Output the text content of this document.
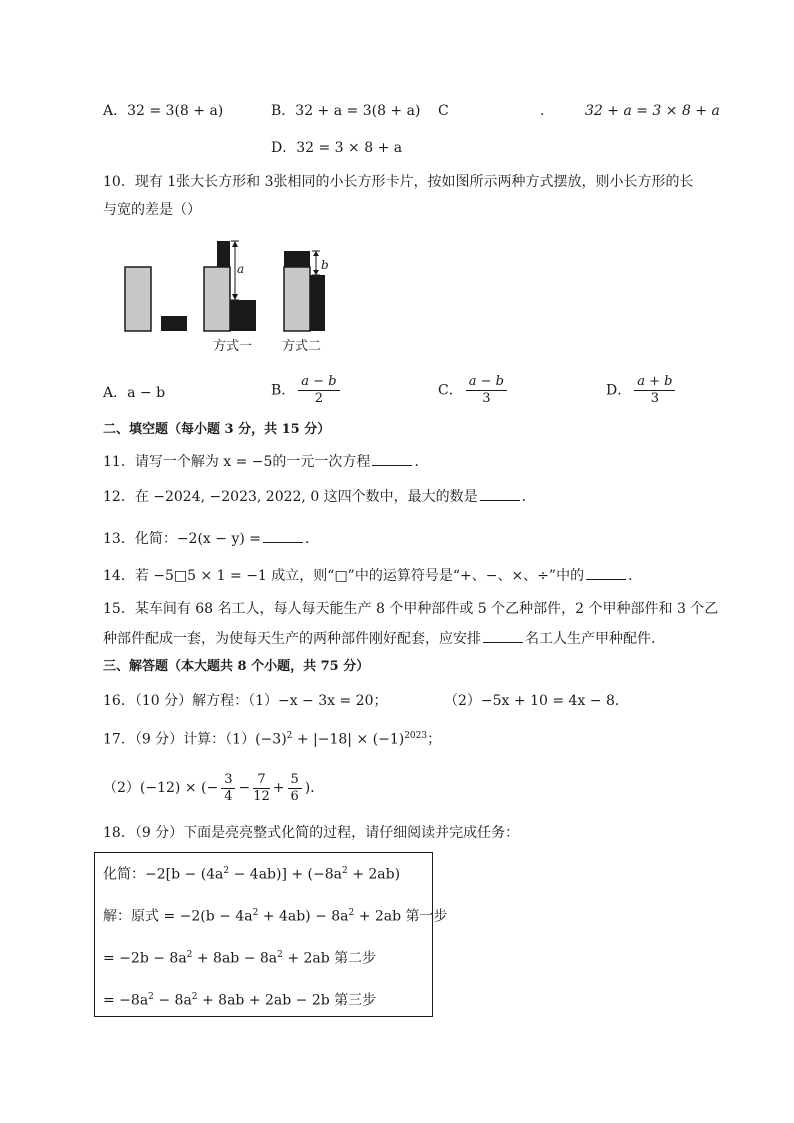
A．32 = 3(8 + a)	B．32 + a = 3(8 + a) C	.	32 + a = 3 × 8 + a
D．32 = 3 × 8 + a
10．现有 1张大长方形和 3张相同的小长方形卡片，按如图所示两种方式摆放，则小长方形的长
与宽的差是（）
a	b
方式一 方式二
A．a − b	B． $\frac{a - b}{2}$	C． $\frac{a - b}{3}$	D． $\frac{a + b}{3}$
二、填空题（每小题 3 分，共 15 分）
11．请写一个解为 x = −5的一元一次方程	．
12．在 −2024, −2023, 2022, 0 这四个数中，最大的数是	．
13．化简：−2(x − y) =	．
14．若 −5□5 × 1 = −1 成立，则“□”中的运算符号是“+、−、×、÷”中的	．
15．某车间有 68 名工人，每人每天能生产 8 个甲种部件或 5 个乙种部件，2 个甲种部件和 3 个乙
种部件配成一套，为使每天生产的两种部件刚好配套，应安排	名工人生产甲种配件．
三、解答题（本大题共 8 个小题，共 75 分）
16．（10 分）解方程：（1）−x − 3x = 20；	（2）−5x + 10 = 4x − 8．
17．（9 分）计算：$(1)(-3)^2 + |-18| \times (-1)^{2023}$；
（2）(−12) × (− $\frac{3}{4} - \frac{7}{12} + \frac{5}{6}$ )．
18．（9 分）下面是亮亮整式化简的过程，请仔细阅读并完成任务：
化简：$-2[b - (4a^2 - 4ab)] + (-8a^2 + 2ab)$
解：原式 = $-2(b - 4a^2 + 4ab) - 8a^2 + 2ab$ 第一步
= $-2b - 8a^2 + 8ab - 8a^2 + 2ab$ 第二步
= $-8a^2 - 8a^2 + 8ab + 2ab - 2b$ 第三步
